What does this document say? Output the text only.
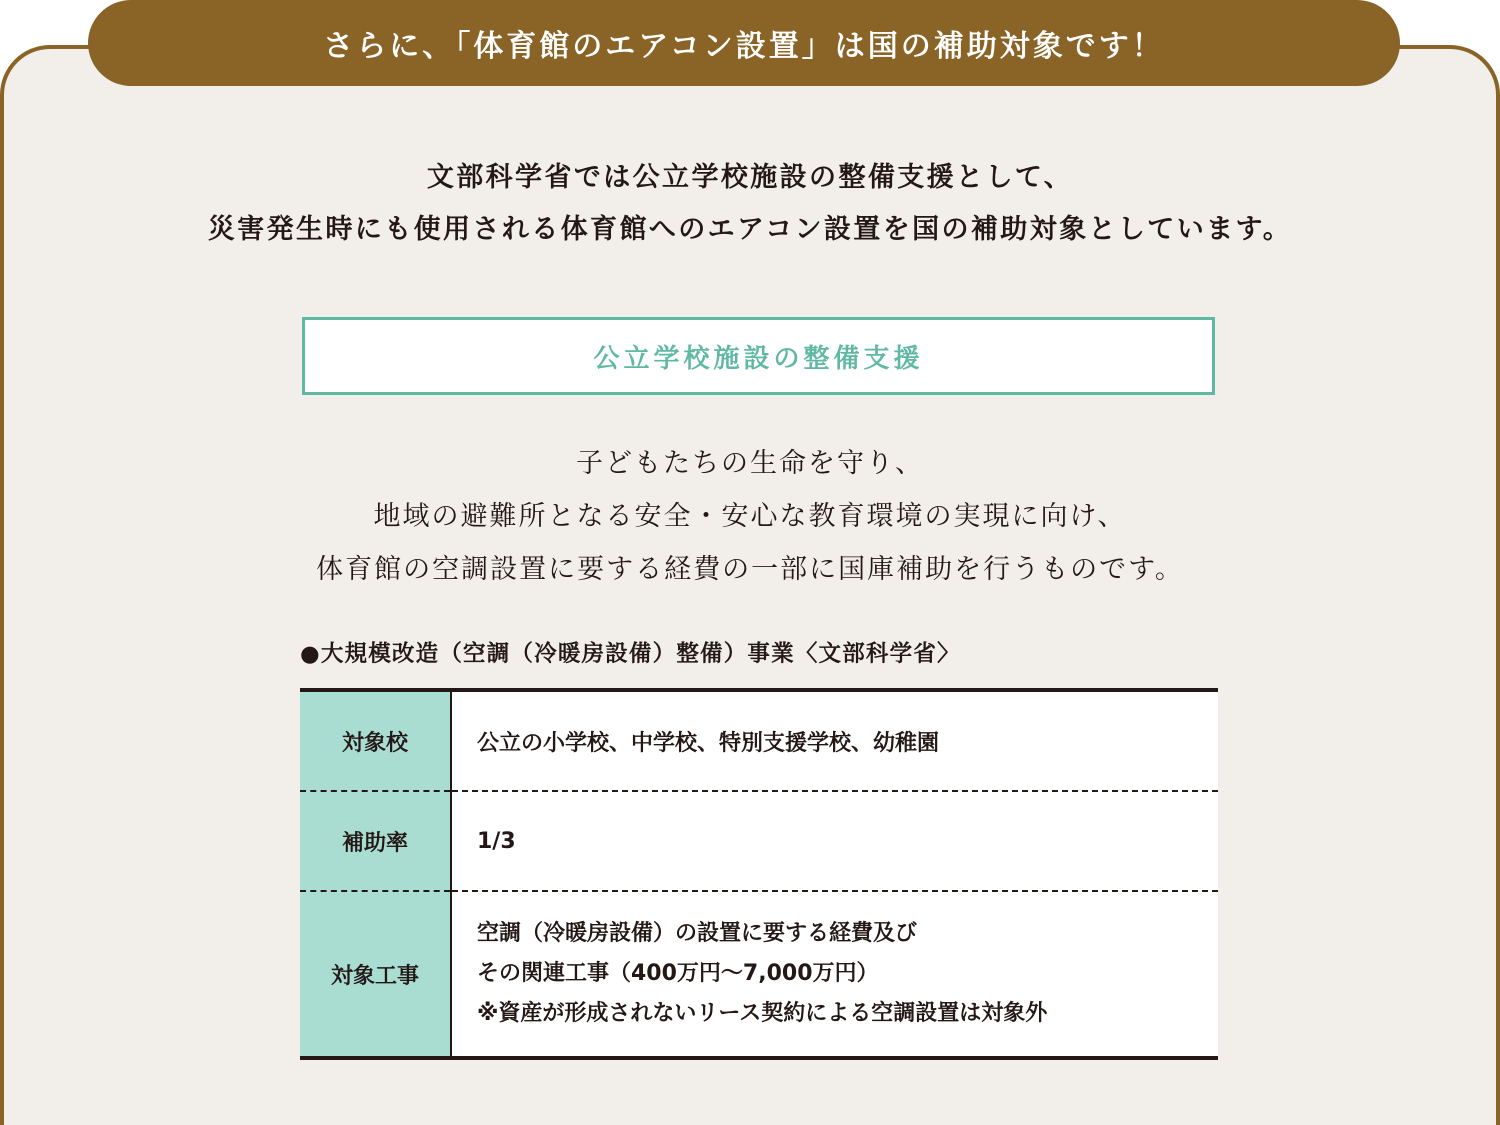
さらに、「体育館のエアコン設置」は国の補助対象です！

文部科学省では公立学校施設の整備支援として、

災害発生時にも使用される体育館へのエアコン設置を国の補助対象としています。

公立学校施設の整備支援

子どもたちの生命を守り、

地域の避難所となる安全・安心な教育環境の実現に向け、

体育館の空調設置に要する経費の一部に国庫補助を行うものです。

●大規模改造（空調（冷暖房設備）整備）事業〈文部科学省〉
対象校	公立の小学校、中学校、特別支援学校、幼稚園
補助率	1/3
対象工事	空調（冷暖房設備）の設置に要する経費及び
その関連工事（400万円～7,000万円）
※資産が形成されないリース契約による空調設置は対象外
